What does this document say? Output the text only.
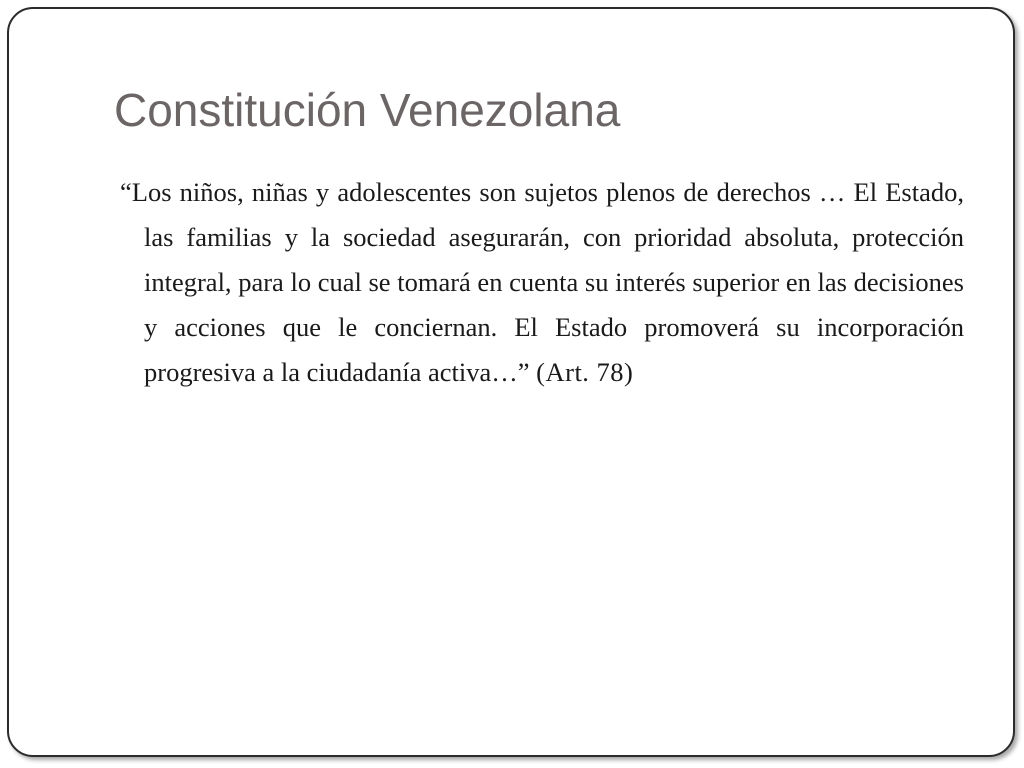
Constitución Venezolana

“Los niños, niñas y adolescentes son sujetos plenos de derechos … El Estado, las familias y la sociedad asegurarán, con prioridad absoluta, protección integral, para lo cual se tomará en cuenta su interés superior en las decisiones y acciones que le conciernan. El Estado promoverá su incorporación progresiva a la ciudadanía activa…” (Art. 78)
